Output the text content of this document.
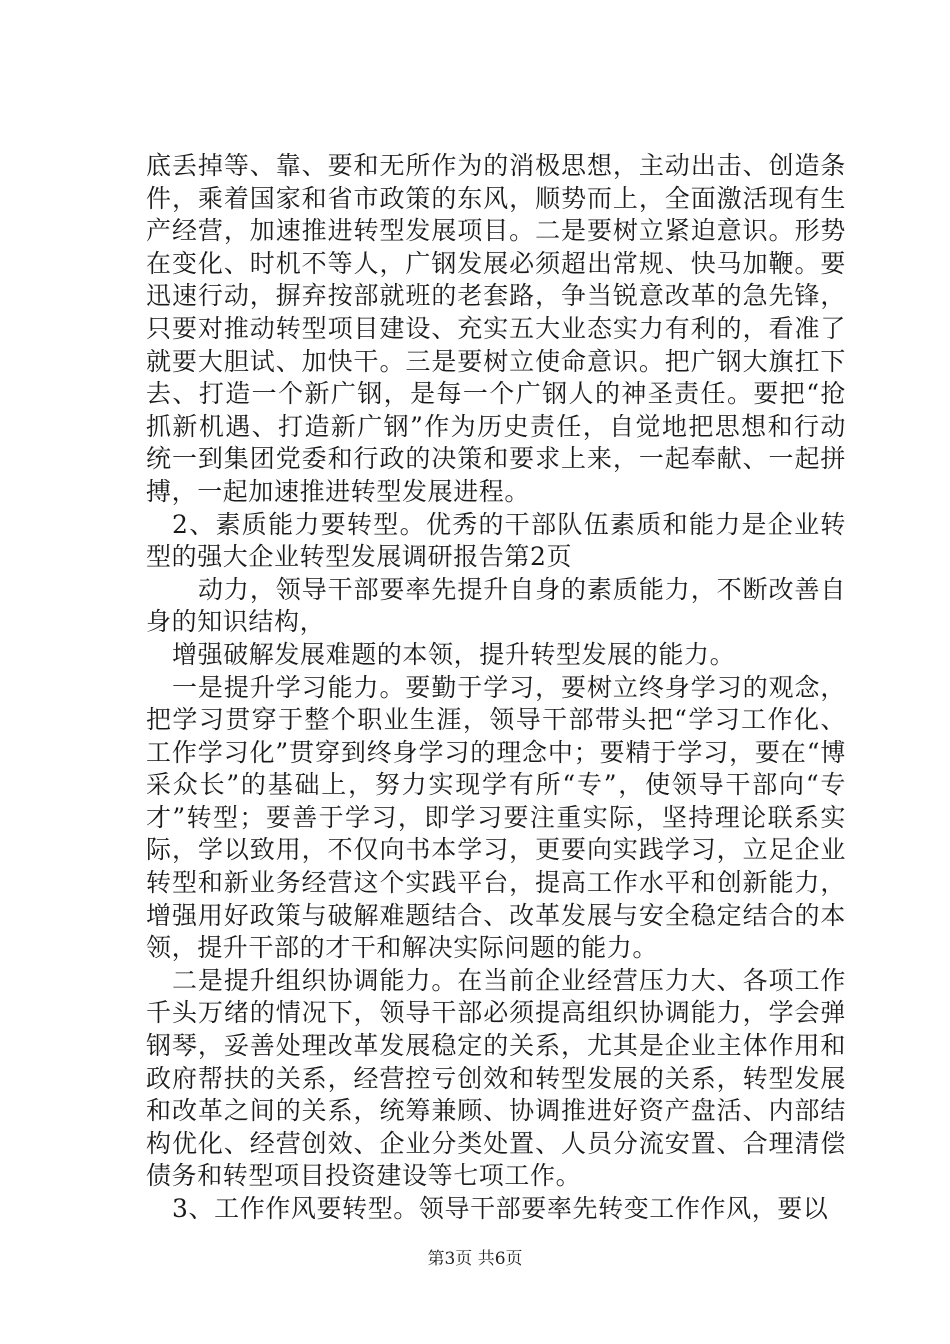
底丢掉等、靠、要和无所作为的消极思想，主动出击、创造条件，乘着国家和省市政策的东风，顺势而上，全面激活现有生产经营，加速推进转型发展项目。二是要树立紧迫意识。形势在变化、时机不等人，广钢发展必须超出常规、快马加鞭。要迅速行动，摒弃按部就班的老套路，争当锐意改革的急先锋，只要对推动转型项目建设、充实五大业态实力有利的，看准了就要大胆试、加快干。三是要树立使命意识。把广钢大旗扛下去、打造一个新广钢，是每一个广钢人的神圣责任。要把“抢抓新机遇、打造新广钢”作为历史责任，自觉地把思想和行动统一到集团党委和行政的决策和要求上来，一起奉献、一起拼搏，一起加速推进转型发展进程。

2、素质能力要转型。优秀的干部队伍素质和能力是企业转型的强大企业转型发展调研报告第2页

动力，领导干部要率先提升自身的素质能力，不断改善自身的知识结构，

增强破解发展难题的本领，提升转型发展的能力。

一是提升学习能力。要勤于学习，要树立终身学习的观念，把学习贯穿于整个职业生涯，领导干部带头把“学习工作化、工作学习化”贯穿到终身学习的理念中；要精于学习，要在“博采众长”的基础上，努力实现学有所“专”，使领导干部向“专才”转型；要善于学习，即学习要注重实际，坚持理论联系实际，学以致用，不仅向书本学习，更要向实践学习，立足企业转型和新业务经营这个实践平台，提高工作水平和创新能力，增强用好政策与破解难题结合、改革发展与安全稳定结合的本领，提升干部的才干和解决实际问题的能力。

二是提升组织协调能力。在当前企业经营压力大、各项工作千头万绪的情况下，领导干部必须提高组织协调能力，学会弹钢琴，妥善处理改革发展稳定的关系，尤其是企业主体作用和政府帮扶的关系，经营控亏创效和转型发展的关系，转型发展和改革之间的关系，统筹兼顾、协调推进好资产盘活、内部结构优化、经营创效、企业分类处置、人员分流安置、合理清偿债务和转型项目投资建设等七项工作。

3、工作作风要转型。领导干部要率先转变工作作风，要以

第3页 共6页
